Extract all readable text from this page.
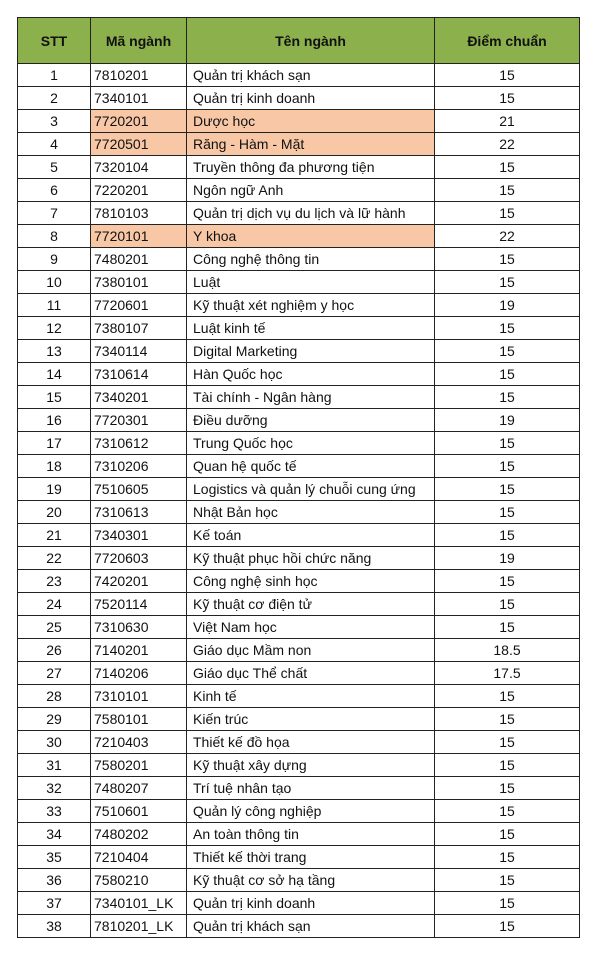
STT	Mã ngành	Tên ngành	Điểm chuẩn
1	7810201	Quản trị khách sạn	15
2	7340101	Quản trị kinh doanh	15
3	7720201	Dược học	21
4	7720501	Răng - Hàm - Mặt	22
5	7320104	Truyền thông đa phương tiện	15
6	7220201	Ngôn ngữ Anh	15
7	7810103	Quản trị dịch vụ du lịch và lữ hành	15
8	7720101	Y khoa	22
9	7480201	Công nghệ thông tin	15
10	7380101	Luật	15
11	7720601	Kỹ thuật xét nghiệm y học	19
12	7380107	Luật kinh tế	15
13	7340114	Digital Marketing	15
14	7310614	Hàn Quốc học	15
15	7340201	Tài chính - Ngân hàng	15
16	7720301	Điều dưỡng	19
17	7310612	Trung Quốc học	15
18	7310206	Quan hệ quốc tế	15
19	7510605	Logistics và quản lý chuỗi cung ứng	15
20	7310613	Nhật Bản học	15
21	7340301	Kế toán	15
22	7720603	Kỹ thuật phục hồi chức năng	19
23	7420201	Công nghệ sinh học	15
24	7520114	Kỹ thuật cơ điện tử	15
25	7310630	Việt Nam học	15
26	7140201	Giáo dục Mầm non	18.5
27	7140206	Giáo dục Thể chất	17.5
28	7310101	Kinh tế	15
29	7580101	Kiến trúc	15
30	7210403	Thiết kế đồ họa	15
31	7580201	Kỹ thuật xây dựng	15
32	7480207	Trí tuệ nhân tạo	15
33	7510601	Quản lý công nghiệp	15
34	7480202	An toàn thông tin	15
35	7210404	Thiết kế thời trang	15
36	7580210	Kỹ thuật cơ sở hạ tầng	15
37	7340101_LK	Quản trị kinh doanh	15
38	7810201_LK	Quản trị khách sạn	15
